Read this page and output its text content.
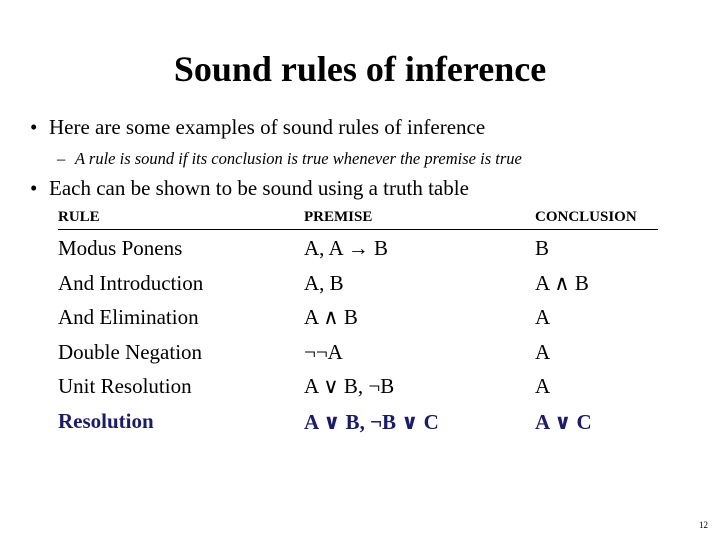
Sound rules of inference
• Here are some examples of sound rules of inference
– A rule is sound if its conclusion is true whenever the premise is true
• Each can be shown to be sound using a truth table
RULE	PREMISE	CONCLUSION
Modus Ponens	A, A → B	B
And Introduction	A, B	A ∧ B
And Elimination	A ∧ B	A
Double Negation	¬¬A	A
Unit Resolution	A ∨ B, ¬B	A
Resolution	A ∨ B, ¬B ∨ C	A ∨ C
12
